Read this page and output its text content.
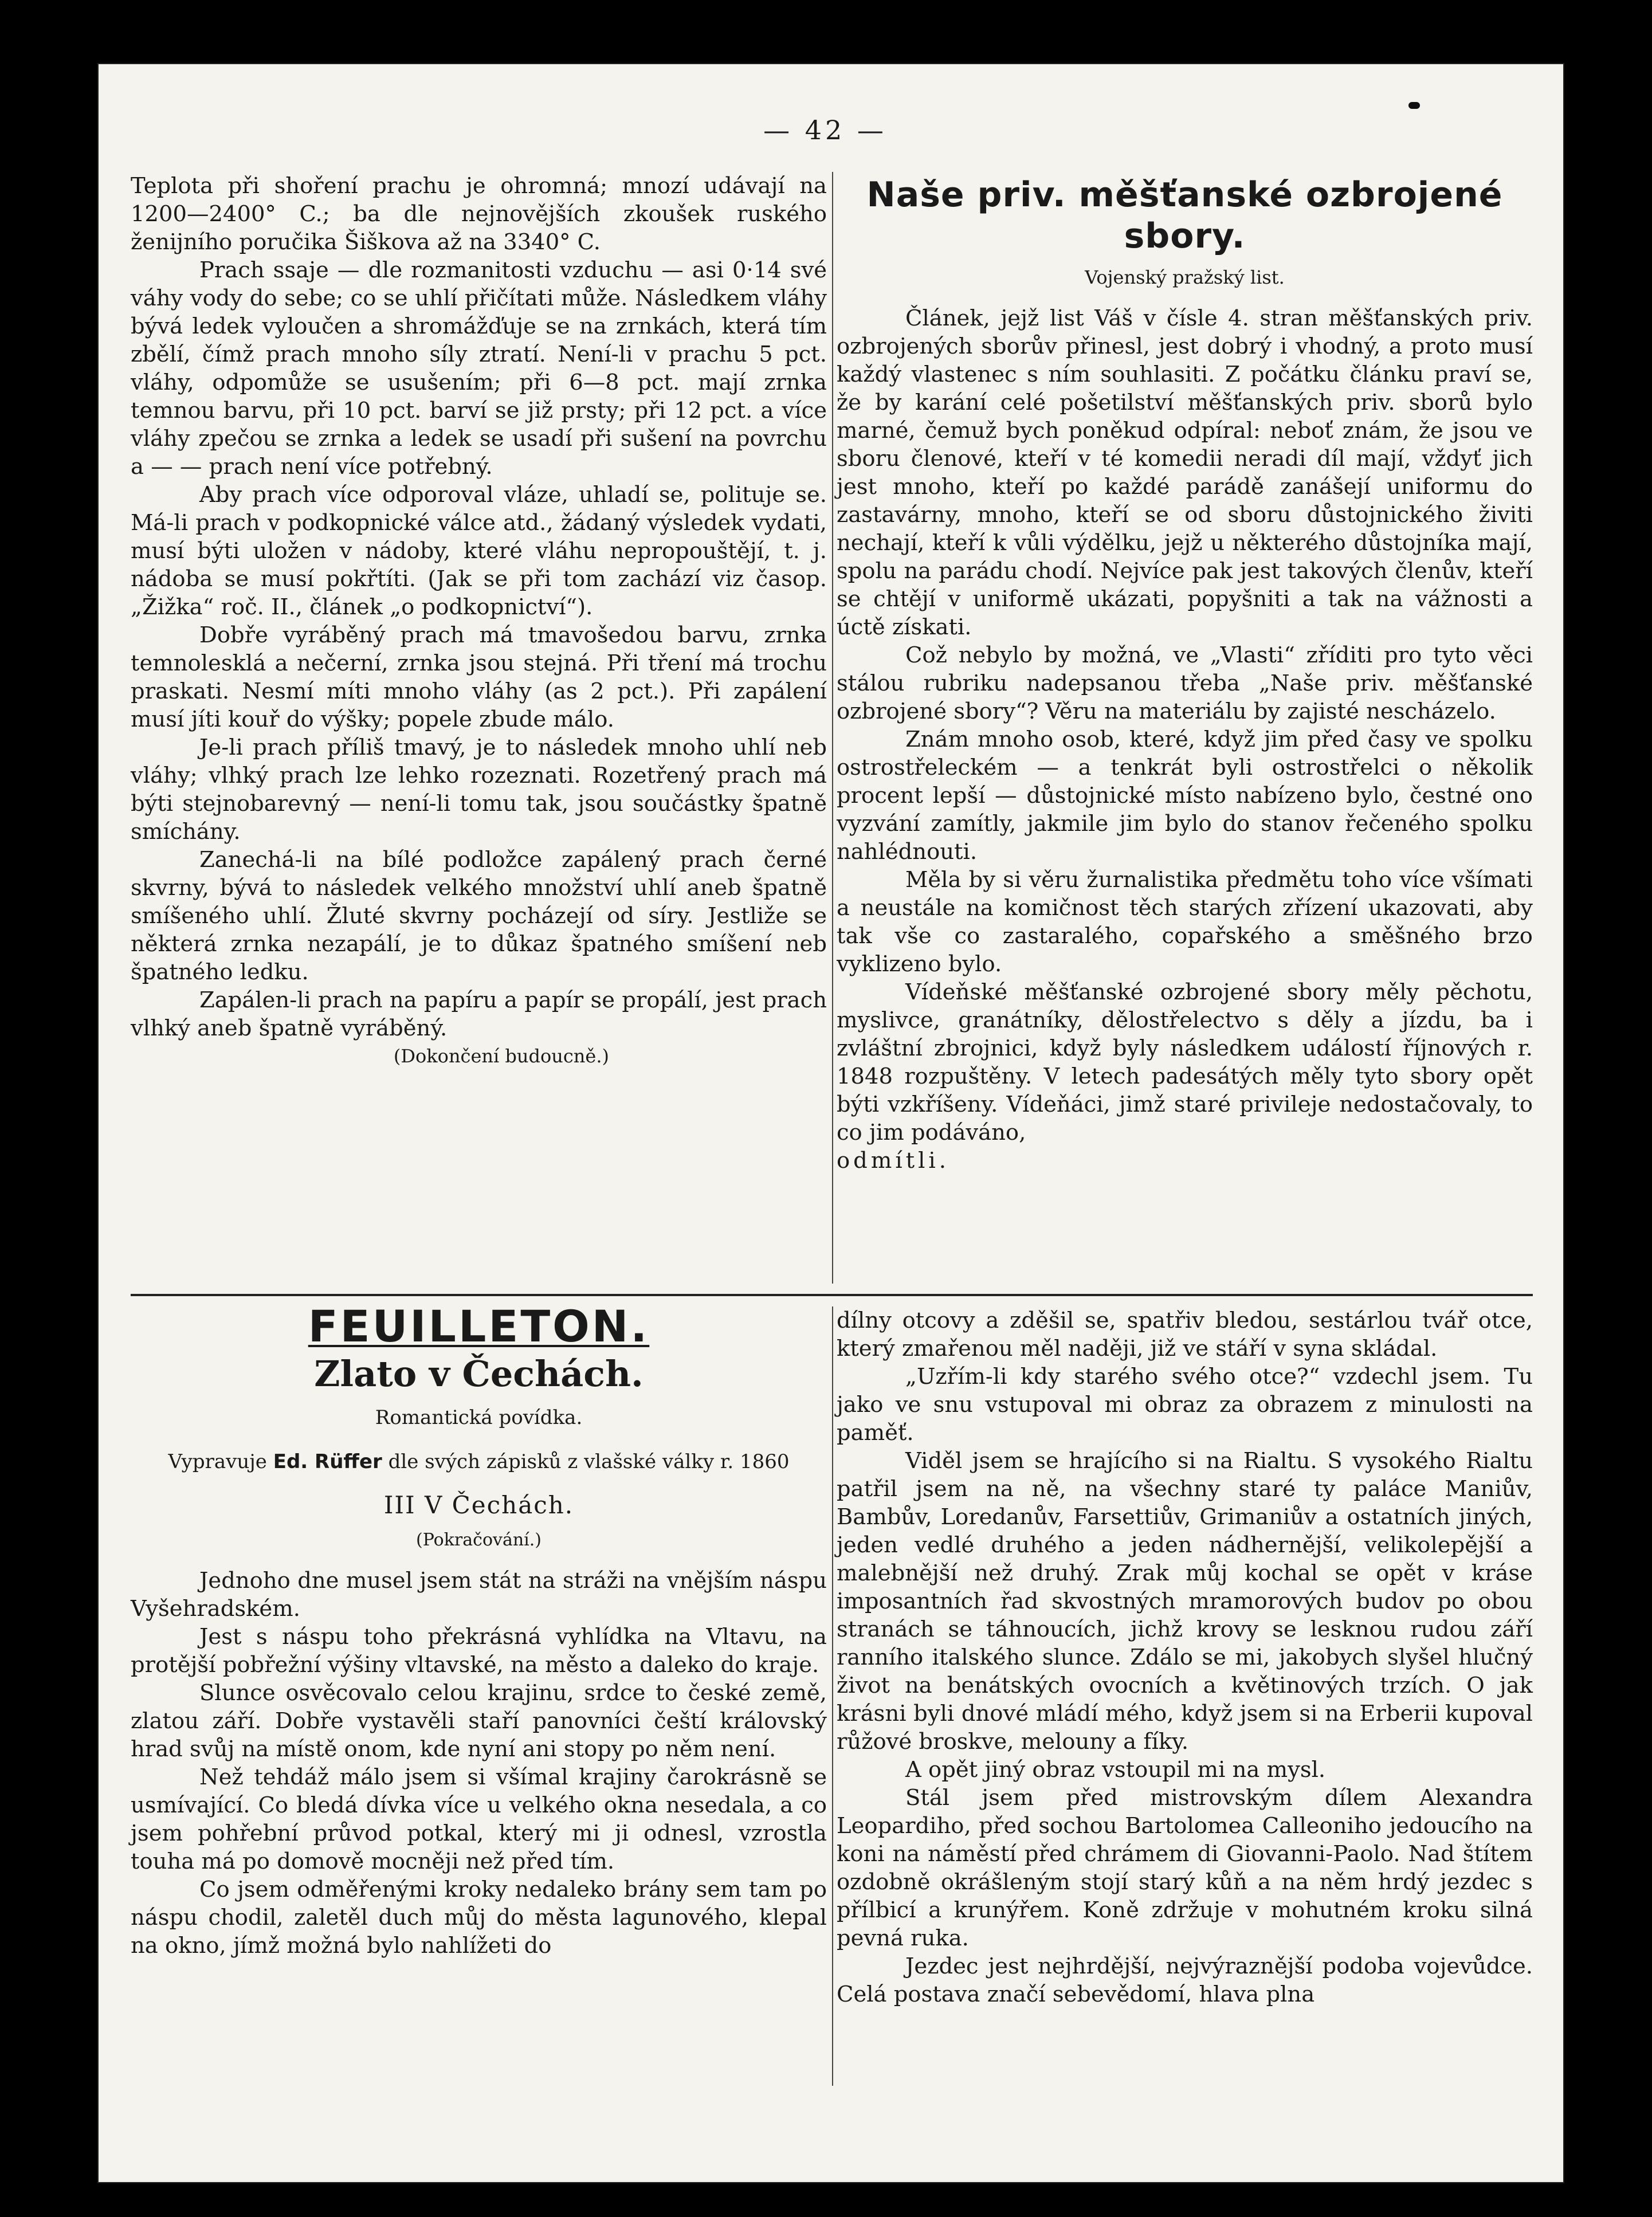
— 42 —

Teplota při shoření prachu je ohromná; mnozí udávají na 1200—2400° C.; ba dle nejnovějších zkoušek ruského ženijního poručika Šiškova až na 3340° C.

Prach ssaje — dle rozmanitosti vzduchu — asi 0·14 své váhy vody do sebe; co se uhlí přičítati může. Následkem vláhy bývá ledek vyloučen a shromážďuje se na zrnkách, která tím zbělí, čímž prach mnoho síly ztratí. Není-li v prachu 5 pct. vláhy, odpomůže se usušením; při 6—8 pct. mají zrnka temnou barvu, při 10 pct. barví se již prsty; při 12 pct. a více vláhy zpečou se zrnka a ledek se usadí při sušení na povrchu a — — prach není více potřebný.

Aby prach více odporoval vláze, uhladí se, polituje se. Má-li prach v podkopnické válce atd., žádaný výsledek vydati, musí býti uložen v nádoby, které vláhu nepropouštějí, t. j. nádoba se musí pokřtíti. (Jak se při tom zachází viz časop. „Žižka“ roč. II., článek „o podkopnictví“).

Dobře vyráběný prach má tmavošedou barvu, zrnka temnolesklá a nečerní, zrnka jsou stejná. Při tření má trochu praskati. Nesmí míti mnoho vláhy (as 2 pct.). Při zapálení musí jíti kouř do výšky; popele zbude málo.

Je-li prach příliš tmavý, je to následek mnoho uhlí neb vláhy; vlhký prach lze lehko rozeznati. Rozetřený prach má býti stejnobarevný — není-li tomu tak, jsou součástky špatně smíchány.

Zanechá-li na bílé podložce zapálený prach černé skvrny, bývá to následek velkého množství uhlí aneb špatně smíšeného uhlí. Žluté skvrny pocházejí od síry. Jestliže se některá zrnka nezapálí, je to důkaz špatného smíšení neb špatného ledku.

Zapálen-li prach na papíru a papír se propálí, jest prach vlhký aneb špatně vyráběný.

(Dokončení budoucně.)

Naše priv. měšťanské ozbrojené sbory.
Vojenský pražský list.

Článek, jejž list Váš v čísle 4. stran měšťanských priv. ozbrojených sborův přinesl, jest dobrý i vhodný, a proto musí každý vlastenec s ním souhlasiti. Z počátku článku praví se, že by karání celé pošetilství měšťanských priv. sborů bylo marné, čemuž bych poněkud odpíral: neboť znám, že jsou ve sboru členové, kteří v té komedii neradi díl mají, vždyť jich jest mnoho, kteří po každé parádě zanášejí uniformu do zastavárny, mnoho, kteří se od sboru důstojnického živiti nechají, kteří k vůli výdělku, jejž u některého důstojníka mají, spolu na parádu chodí. Nejvíce pak jest takových členův, kteří se chtějí v uniformě ukázati, popyšniti a tak na vážnosti a úctě získati.

Což nebylo by možná, ve „Vlasti“ zříditi pro tyto věci stálou rubriku nadepsanou třeba „Naše priv. měšťanské ozbrojené sbory“? Věru na materiálu by zajisté nescházelo.

Znám mnoho osob, které, když jim před časy ve spolku ostrostřeleckém — a tenkrát byli ostrostřelci o několik procent lepší — důstojnické místo nabízeno bylo, čestné ono vyzvání zamítly, jakmile jim bylo do stanov řečeného spolku nahlédnouti.

Měla by si věru žurnalistika předmětu toho více všímati a neustále na komičnost těch starých zřízení ukazovati, aby tak vše co zastaralého, copařského a směšného brzo vyklizeno bylo.

Vídeňské měšťanské ozbrojené sbory měly pěchotu, myslivce, granátníky, dělostřelectvo s děly a jízdu, ba i zvláštní zbrojnici, když byly následkem událostí říjnových r. 1848 rozpuštěny. V letech padesátých měly tyto sbory opět býti vzkříšeny. Vídeňáci, jimž staré privileje nedostačovaly, to co jim podáváno,

odmítli.

FEUILLETON.
Zlato v Čechách.
Romantická povídka.
Vypravuje Ed. Rüffer dle svých zápisků z vlašské války r. 1860
III V Čechách.
(Pokračování.)

Jednoho dne musel jsem stát na stráži na vnějším náspu Vyšehradském.

Jest s náspu toho překrásná vyhlídka na Vltavu, na protější pobřežní výšiny vltavské, na město a daleko do kraje.

Slunce osvěcovalo celou krajinu, srdce to české země, zlatou září. Dobře vystavěli staří panovníci čeští královský hrad svůj na místě onom, kde nyní ani stopy po něm není.

Než tehdáž málo jsem si všímal krajiny čarokrásně se usmívající. Co bledá dívka více u velkého okna nesedala, a co jsem pohřební průvod potkal, který mi ji odnesl, vzrostla touha má po domově mocněji než před tím.

Co jsem odměřenými kroky nedaleko brány sem tam po náspu chodil, zaletěl duch můj do města lagunového, klepal na okno, jímž možná bylo nahlížeti do

dílny otcovy a zděšil se, spatřiv bledou, sestárlou tvář otce, který zmařenou měl naději, již ve stáří v syna skládal.

„Uzřím-li kdy starého svého otce?“ vzdechl jsem. Tu jako ve snu vstupoval mi obraz za obrazem z minulosti na paměť.

Viděl jsem se hrajícího si na Rialtu. S vysokého Rialtu patřil jsem na ně, na všechny staré ty paláce Maniův, Bambův, Loredanův, Farsettiův, Grimaniův a ostatních jiných, jeden vedlé druhého a jeden nádhernější, velikolepější a malebnější než druhý. Zrak můj kochal se opět v kráse imposantních řad skvostných mramorových budov po obou stranách se táhnoucích, jichž krovy se lesknou rudou září ranního italského slunce. Zdálo se mi, jakobych slyšel hlučný život na benátských ovocních a květinových trzích. O jak krásni byli dnové mládí mého, když jsem si na Erberii kupoval růžové broskve, melouny a fíky.

A opět jiný obraz vstoupil mi na mysl.

Stál jsem před mistrovským dílem Alexandra Leopardiho, před sochou Bartolomea Calleoniho jedoucího na koni na náměstí před chrámem di Giovanni-Paolo. Nad štítem ozdobně okrášleným stojí starý kůň a na něm hrdý jezdec s přílbicí a krunýřem. Koně zdržuje v mohutném kroku silná pevná ruka.

Jezdec jest nejhrdější, nejvýraznější podoba vojevůdce. Celá postava značí sebevědomí, hlava plna
